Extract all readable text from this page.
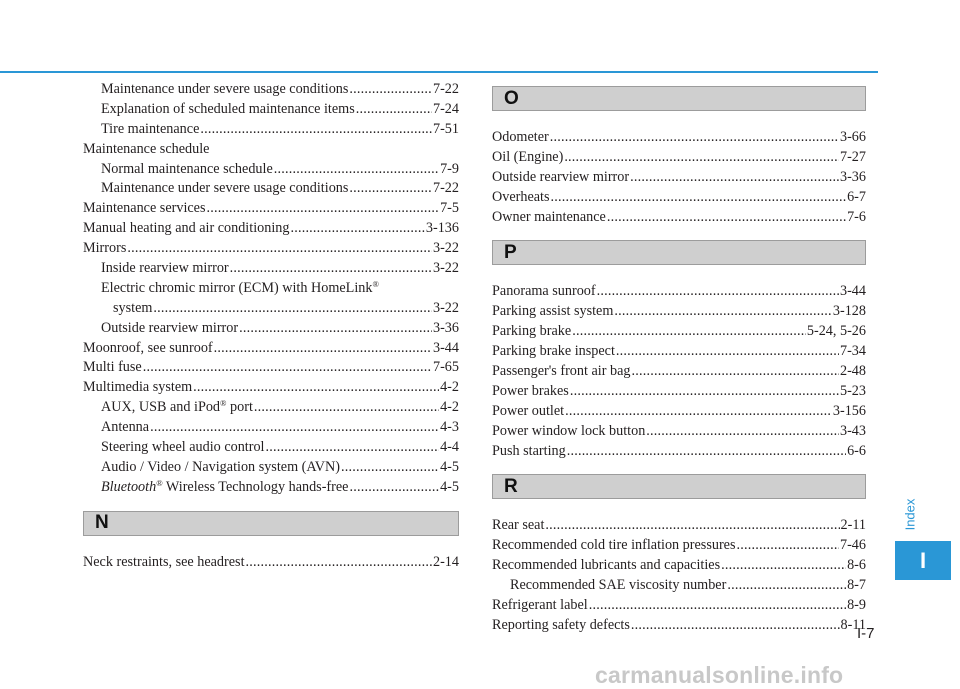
Maintenance under severe usage conditions .....	7-22
Explanation of scheduled maintenance items .....	7-24
Tire maintenance .....	7-51
Maintenance schedule
Normal maintenance schedule .....	7-9
Maintenance under severe usage conditions .....	7-22
Maintenance services .....	7-5
Manual heating and air conditioning .....	3-136
Mirrors .....	3-22
Inside rearview mirror .....	3-22
Electric chromic mirror (ECM) with HomeLink®
system .....	3-22
Outside rearview mirror .....	3-36
Moonroof, see sunroof .....	3-44
Multi fuse .....	7-65
Multimedia system .....	4-2
AUX, USB and iPod® port .....	4-2
Antenna .....	4-3
Steering wheel audio control .....	4-4
Audio / Video / Navigation system (AVN) .....	4-5
Bluetooth® Wireless Technology hands-free .....	4-5
N
Neck restraints, see headrest .....	2-14
O
Odometer .....	3-66
Oil (Engine) .....	7-27
Outside rearview mirror .....	3-36
Overheats .....	6-7
Owner maintenance .....	7-6
P
Panorama sunroof .....	3-44
Parking assist system .....	3-128
Parking brake .....	5-24, 5-26
Parking brake inspect .....	7-34
Passenger's front air bag .....	2-48
Power brakes .....	5-23
Power outlet .....	3-156
Power window lock button .....	3-43
Push starting .....	6-6
R
Rear seat .....	2-11
Recommended cold tire inflation pressures .....	7-46
Recommended lubricants and capacities .....	8-6
Recommended SAE viscosity number .....	8-7
Refrigerant label .....	8-9
Reporting safety defects .....	8-11
Index
I
I-7
carmanualsonline.info
